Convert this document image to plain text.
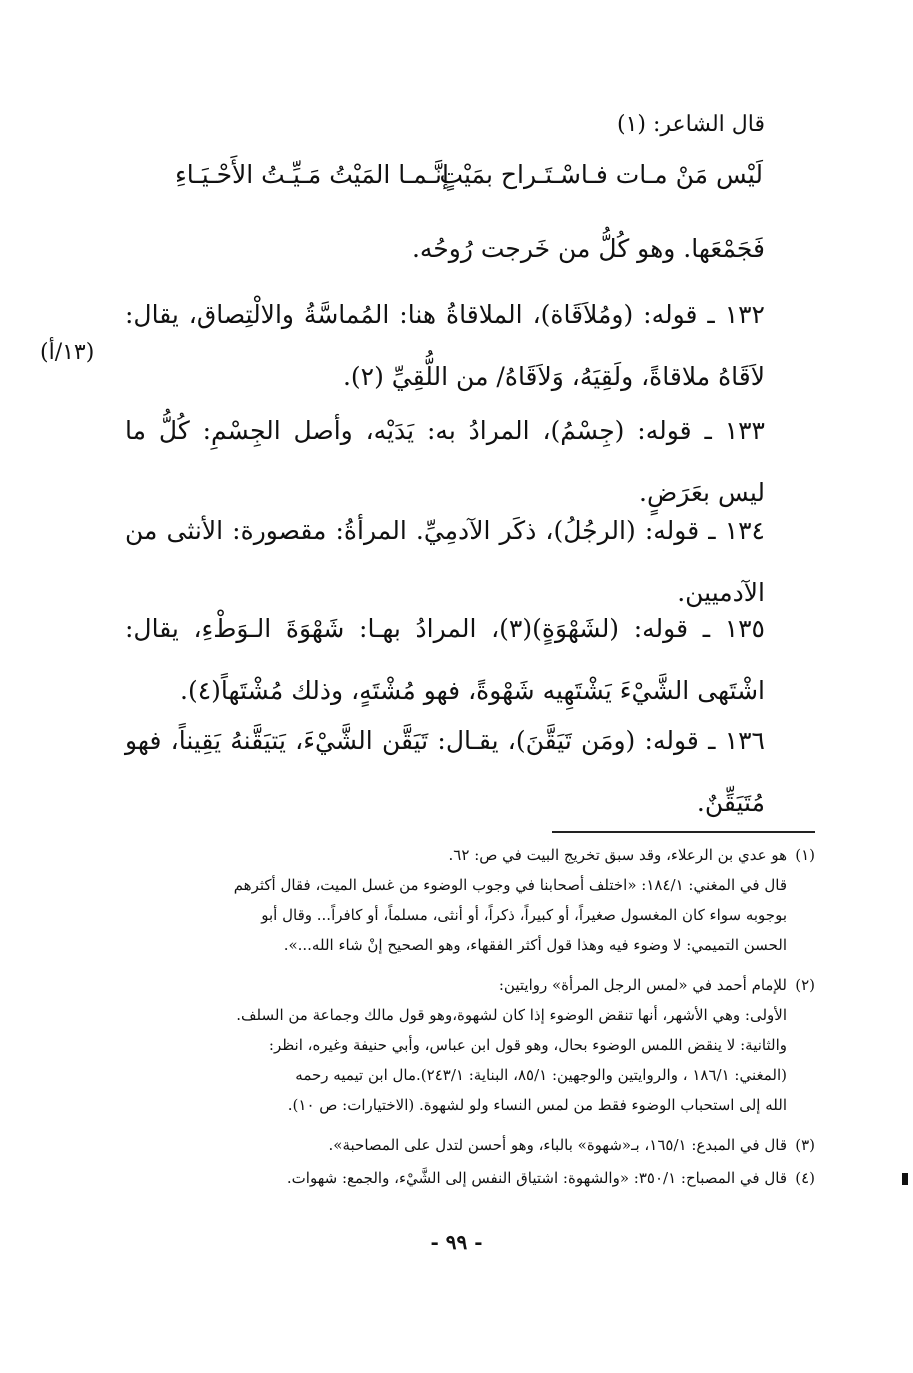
قال الشاعر: (١)
لَيْس مَنْ مـات فـاسْـتَـراح بمَيْتٍ
إنَّـمـا المَيْتُ مَـيِّـتُ الأَحْـيَـاءِ

فَجَمْعَها. وهو كُلُّ من خَرجت رُوحُه.

١٣٢ ـ قوله: (ومُلاَقَاة)، الملاقاةُ هنا: المُماسَّةُ والالْتِصاق، يقال: لاَقَاهُ ملاقاةً، ولَقِيَهُ، وَلاَقَاهُ/ من اللُّقِيِّ (٢).

(١٣/أ)

١٣٣ ـ قوله: (جِسْمُ)، المرادُ به: يَدَيْه، وأصل الجِسْمِ: كُلُّ ما ليس بعَرَضٍ.

١٣٤ ـ قوله: (الرجُلُ)، ذكَر الآدمِيِّ. المرأةُ: مقصورة: الأنثى من الآدميين.

١٣٥ ـ قوله: (لشَهْوَةٍ)(٣)، المرادُ بهـا: شَهْوَةَ الـوَطْءِ، يقال: اشْتَهى الشَّيْءَ يَشْتَهِيه شَهْوةً، فهو مُشْتَهٍ، وذلك مُشْتَهاً(٤).

١٣٦ ـ قوله: (ومَن تَيَقَّنَ)، يقـال: تَيَقَّن الشَّيْءَ، يَتيَقَّنهُ يَقِيناً، فهو مُتَيَقِّنٌ.

(١)هو عدي بن الرعلاء، وقد سبق تخريج البيت في ص: ٦٢.
قال في المغني: ١٨٤/١: «اختلف أصحابنا في وجوب الوضوء من غسل الميت، فقال أكثرهم
بوجوبه سواء كان المغسول صغيراً، أو كبيراً، ذكراً، أو أنثى، مسلماً، أو كافراً... وقال أبو
الحسن التميمي: لا وضوء فيه وهذا قول أكثر الفقهاء، وهو الصحيح إنْ شاء الله...».
(٢)للإمام أحمد في «لمس الرجل المرأة» روايتين:
الأولى: وهي الأشهر، أنها تنقض الوضوء إذا كان لشهوة،وهو قول مالك وجماعة من السلف.
والثانية: لا ينقض اللمس الوضوء بحال، وهو قول ابن عباس، وأبي حنيفة وغيره، انظر:
(المغني: ١٨٦/١ ، والروايتين والوجهين: ٨٥/١، البناية: ٢٤٣/١).مال ابن تيميه رحمه
الله إلى استحباب الوضوء فقط من لمس النساء ولو لشهوة. (الاختيارات: ص ١٠).
(٣)قال في المبدع: ١٦٥/١، بـ«شهوة» بالباء، وهو أحسن لتدل على المصاحبة».
(٤)قال في المصباح: ٣٥٠/١: «والشهوة: اشتياق النفس إلى الشَّيْء، والجمع: شهوات.
- ٩٩ -
